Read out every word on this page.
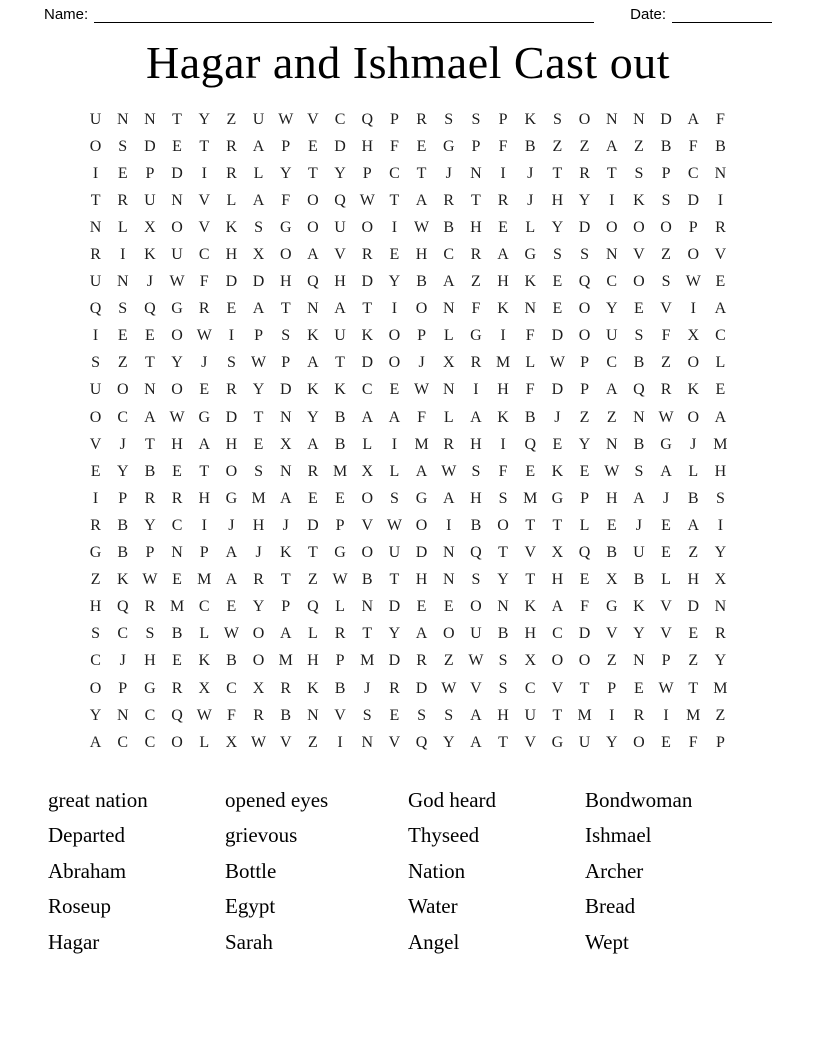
Name:	Date:
Hagar and Ishmael Cast out
U N N	T	Y	Z	U W V	C	Q	P	R	S	S	P	K	S	O N N D A	F
O	S	D	E	T	R	A	P	E	D H	F	E	G	P	F	B	Z	Z	A	Z	B	F	B
I	E	P	D	I	R	L	Y	T	Y	P	C	T	J	N	I	J	T	R	T	S	P	C	N
T	R	U N V	L	A	F	O Q W T	A	R	T	R	J	H Y	I	K	S	D	I
N	L	X O V K	S	G O U O	I	W B	H	E	L	Y D O O O	P	R
R	I	K U	C	H X O A V	R	E	H	C	R	A G	S	S	N V	Z	O V
U N	J	W F	D D H Q H D Y	B	A	Z	H K	E	Q	C	O	S W E
Q	S	Q G	R	E	A	T	N A	T	I	O N	F	K N	E	O Y	E	V	I	A
I	E	E	O W	I	P	S	K U K O	P	L	G	I	F	D O U	S	F	X	C
S	Z	T	Y	J	S W P	A	T	D O	J	X	R M L W P	C	B	Z	O	L
U O N O	E	R	Y D K K	C	E W N	I	H	F	D	P	A Q	R	K	E
O	C	A W G D	T	N Y	B	A A	F	L	A K	B	J	Z	Z	N W O A
V	J	T	H A H	E	X A	B	L	I	M R	H	I	Q	E	Y N	B	G	J	M
E	Y	B	E	T	O	S	N	R M X	L	A W S	F	E	K	E W S	A	L	H
I	P	R	R	H G M A	E	E	O	S	G A H	S M G	P	H A	J	B	S
R	B	Y	C	I	J	H	J	D	P	V W O	I	B	O	T	T	L	E	J	E	A	I
G	B	P	N	P	A	J	K	T	G O U D N Q	T	V X Q	B	U	E	Z	Y
Z	K W E M A	R	T	Z W B	T	H N	S	Y	T	H	E	X	B	L	H X
H Q	R M C	E	Y	P	Q	L	N D	E	E	O N K A	F	G K V D N
S	C	S	B	L W O A	L	R	T	Y A O U	B	H	C	D V Y V	E	R
C	J	H	E	K	B	O M H	P M D	R	Z W S	X O O	Z	N	P	Z	Y
O	P	G	R	X	C	X	R	K	B	J	R	D W V	S	C	V	T	P	E W T M
Y N	C	Q W F	R	B	N V	S	E	S	S	A H U	T M	I	R	I	M Z
A	C	C	O	L	X W V	Z	I	N V Q Y A	T	V G U Y O	E	F	P
great nation
Departed
Abraham
Roseup
Hagar
opened eyes
grievous
Bottle
Egypt
Sarah
God heard
Thyseed
Nation
Water
Angel
Bondwoman
Ishmael
Archer
Bread
Wept
